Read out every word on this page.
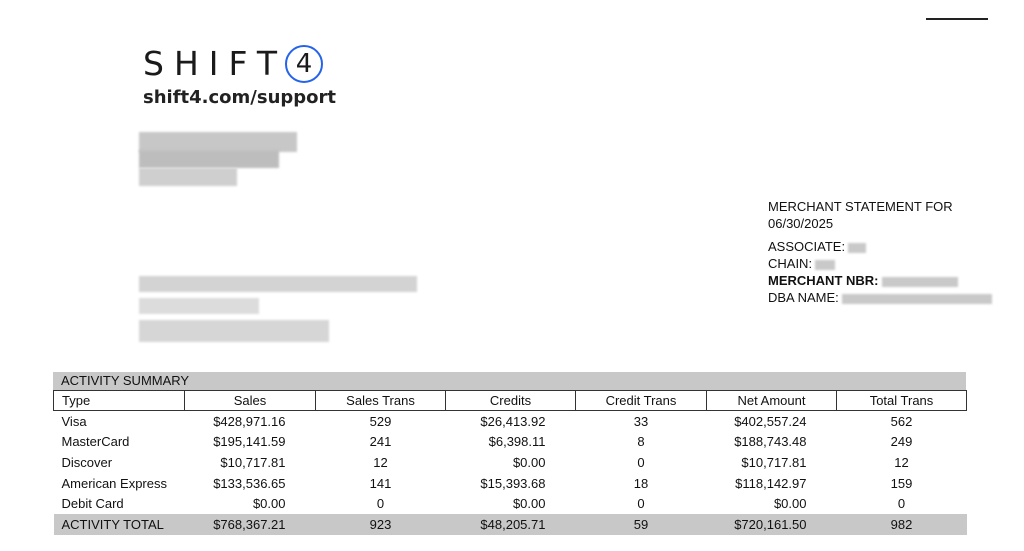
SHIFT 4
shift4.com/support
MERCHANT STATEMENT FOR
06/30/2025
ASSOCIATE:
CHAIN:
MERCHANT NBR:
DBA NAME:
ACTIVITY SUMMARY
Type	Sales	Sales Trans	Credits	Credit Trans	Net Amount	Total Trans
Visa	$428,971.16	529	$26,413.92	33	$402,557.24	562
MasterCard	$195,141.59	241	$6,398.11	8	$188,743.48	249
Discover	$10,717.81	12	$0.00	0	$10,717.81	12
American Express	$133,536.65	141	$15,393.68	18	$118,142.97	159
Debit Card	$0.00	0	$0.00	0	$0.00	0
ACTIVITY TOTAL	$768,367.21	923	$48,205.71	59	$720,161.50	982
